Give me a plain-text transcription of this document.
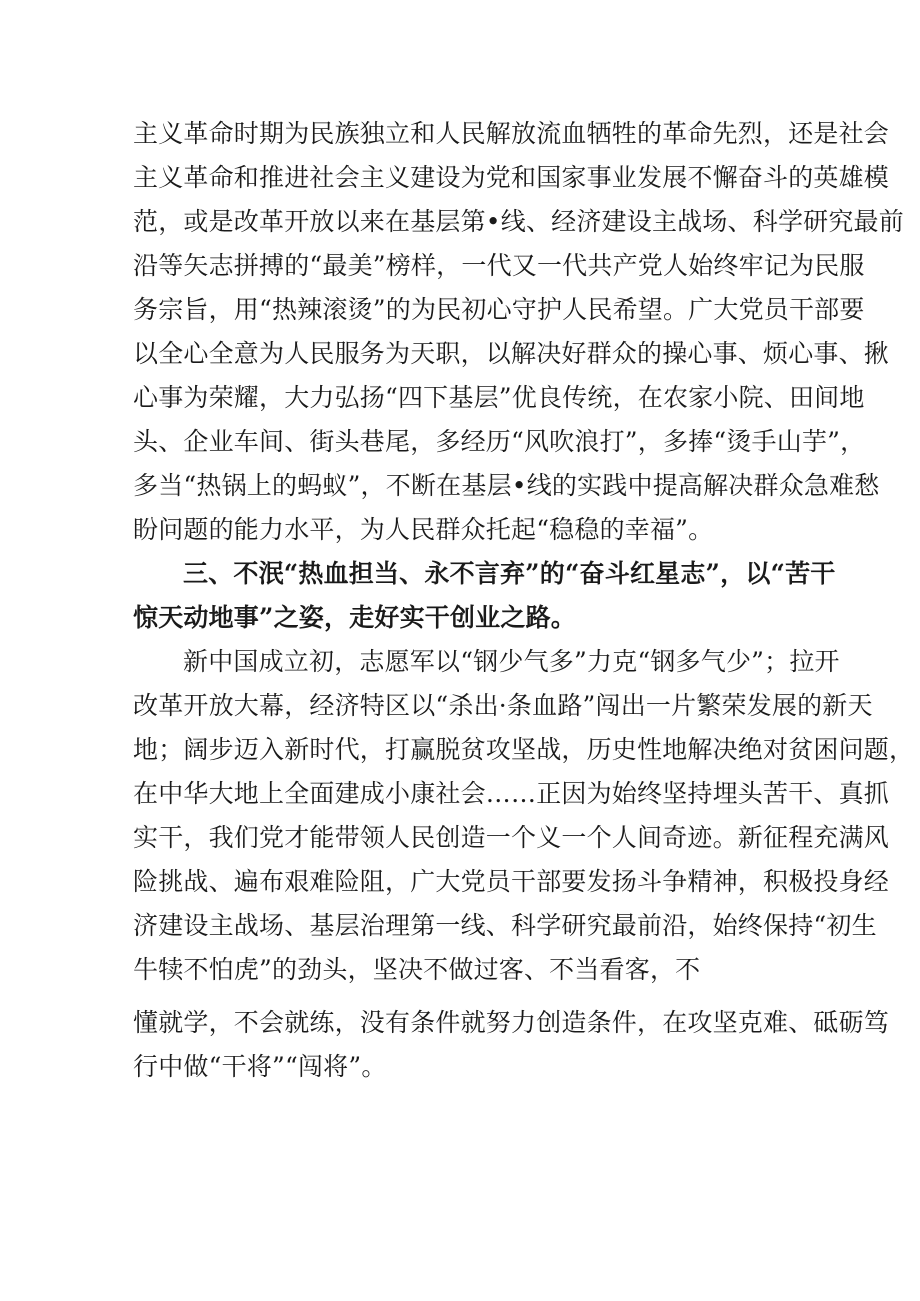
主义革命时期为民族独立和人民解放流血牺牲的革命先烈，还是社会
主义革命和推进社会主义建设为党和国家事业发展不懈奋斗的英雄模
范，或是改革开放以来在基层第•线、经济建设主战场、科学研究最前
沿等矢志拼搏的“最美”榜样，一代又一代共产党人始终牢记为民服
务宗旨，用“热辣滚烫”的为民初心守护人民希望。广大党员干部要
以全心全意为人民服务为天职，以解决好群众的操心事、烦心事、揪
心事为荣耀，大力弘扬“四下基层”优良传统，在农家小院、田间地
头、企业车间、街头巷尾，多经历“风吹浪打”，多捧“烫手山芋”，
多当“热锅上的蚂蚁”，不断在基层•线的实践中提高解决群众急难愁
盼问题的能力水平，为人民群众托起“稳稳的幸福”。
三、不泯“热血担当、永不言弃”的“奋斗红星志”，以“苦干
惊天动地事”之姿，走好实干创业之路。
新中国成立初，志愿军以“钢少气多”力克“钢多气少”；拉开
改革开放大幕，经济特区以“杀出·条血路”闯出一片繁荣发展的新天
地；阔步迈入新时代，打赢脱贫攻坚战，历史性地解决绝对贫困问题，
在中华大地上全面建成小康社会……正因为始终坚持埋头苦干、真抓
实干，我们党才能带领人民创造一个义一个人间奇迹。新征程充满风
险挑战、遍布艰难险阻，广大党员干部要发扬斗争精神，积极投身经
济建设主战场、基层治理第一线、科学研究最前沿，始终保持“初生
牛犊不怕虎”的劲头，坚决不做过客、不当看客，不
懂就学，不会就练，没有条件就努力创造条件，在攻坚克难、砥砺笃
行中做“干将”“闯将”。
